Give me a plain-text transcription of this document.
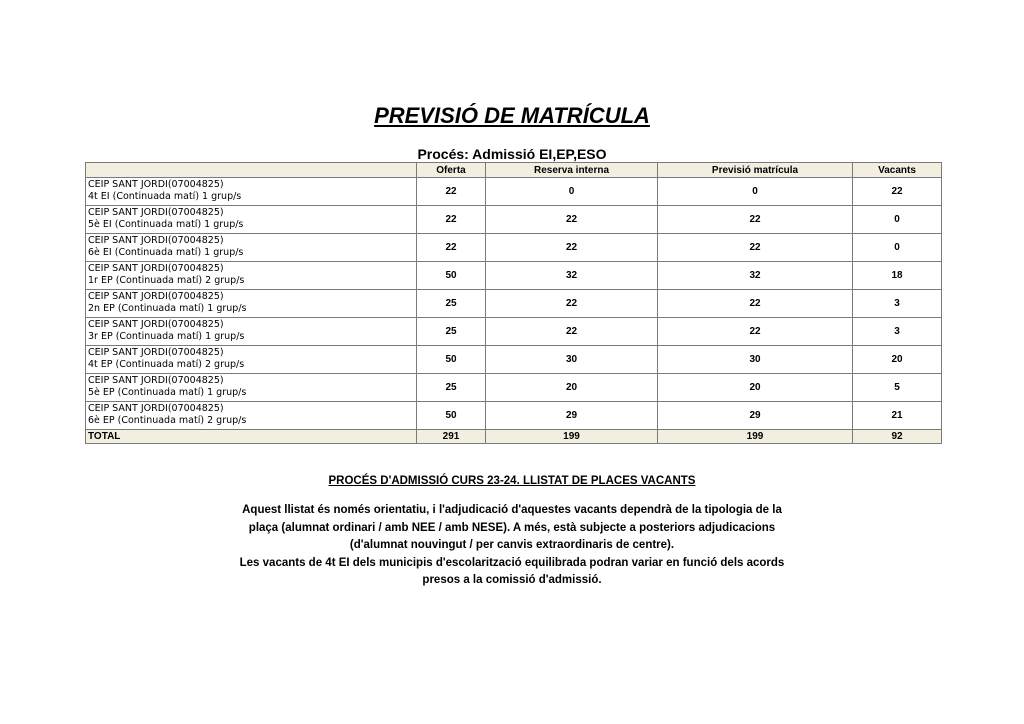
PREVISIÓ DE MATRÍCULA
Procés: Admissió EI,EP,ESO
	Oferta	Reserva interna	Previsió matrícula	Vacants

CEIP SANT JORDI(07004825)
4t EI (Continuada matí) 1 grup/s	22	0	0	22

CEIP SANT JORDI(07004825)
5è EI (Continuada matí) 1 grup/s	22	22	22	0

CEIP SANT JORDI(07004825)
6è EI (Continuada matí) 1 grup/s	22	22	22	0

CEIP SANT JORDI(07004825)
1r EP (Continuada matí) 2 grup/s	50	32	32	18

CEIP SANT JORDI(07004825)
2n EP (Continuada matí) 1 grup/s	25	22	22	3

CEIP SANT JORDI(07004825)
3r EP (Continuada matí) 1 grup/s	25	22	22	3

CEIP SANT JORDI(07004825)
4t EP (Continuada matí) 2 grup/s	50	30	30	20

CEIP SANT JORDI(07004825)
5è EP (Continuada matí) 1 grup/s	25	20	20	5

CEIP SANT JORDI(07004825)
6è EP (Continuada matí) 2 grup/s	50	29	29	21
TOTAL	291	199	199	92
PROCÉS D'ADMISSIÓ CURS 23-24. LLISTAT DE PLACES VACANTS

Aquest llistat és només orientatiu, i l'adjudicació d'aquestes vacants dependrà de la tipologia de la plaça (alumnat ordinari / amb NEE / amb NESE). A més, està subjecte a posteriors adjudicacions (d'alumnat nouvingut / per canvis extraordinaris de centre).

Les vacants de 4t EI dels municipis d'escolarització equilibrada podran variar en funció dels acords presos a la comissió d'admissió.
